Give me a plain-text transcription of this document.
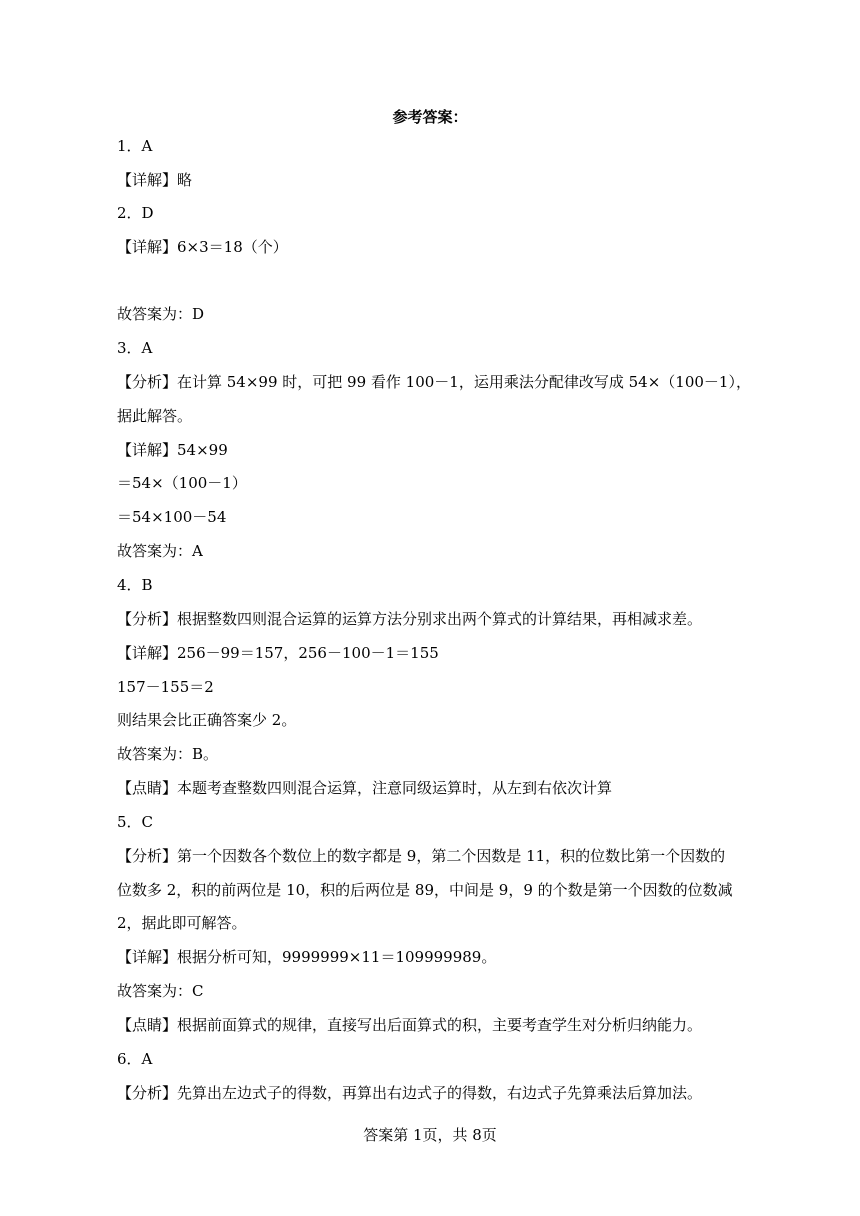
参考答案：
1．A
【详解】略
2．D
【详解】6×3＝18（个）
故答案为：D
3．A
【分析】在计算 54×99 时，可把 99 看作 100－1，运用乘法分配律改写成 54×（100－1），
据此解答。
【详解】54×99
＝54×（100－1）
＝54×100－54
故答案为：A
4．B
【分析】根据整数四则混合运算的运算方法分别求出两个算式的计算结果，再相减求差。
【详解】256－99＝157，256－100－1＝155
157－155＝2
则结果会比正确答案少 2。
故答案为：B。
【点睛】本题考查整数四则混合运算，注意同级运算时，从左到右依次计算
5．C
【分析】第一个因数各个数位上的数字都是 9，第二个因数是 11，积的位数比第一个因数的
位数多 2，积的前两位是 10，积的后两位是 89，中间是 9，9 的个数是第一个因数的位数减
2，据此即可解答。
【详解】根据分析可知，9999999×11＝109999989。
故答案为：C
【点睛】根据前面算式的规律，直接写出后面算式的积，主要考查学生对分析归纳能力。
6．A
【分析】先算出左边式子的得数，再算出右边式子的得数，右边式子先算乘法后算加法。
答案第 1页，共 8页
